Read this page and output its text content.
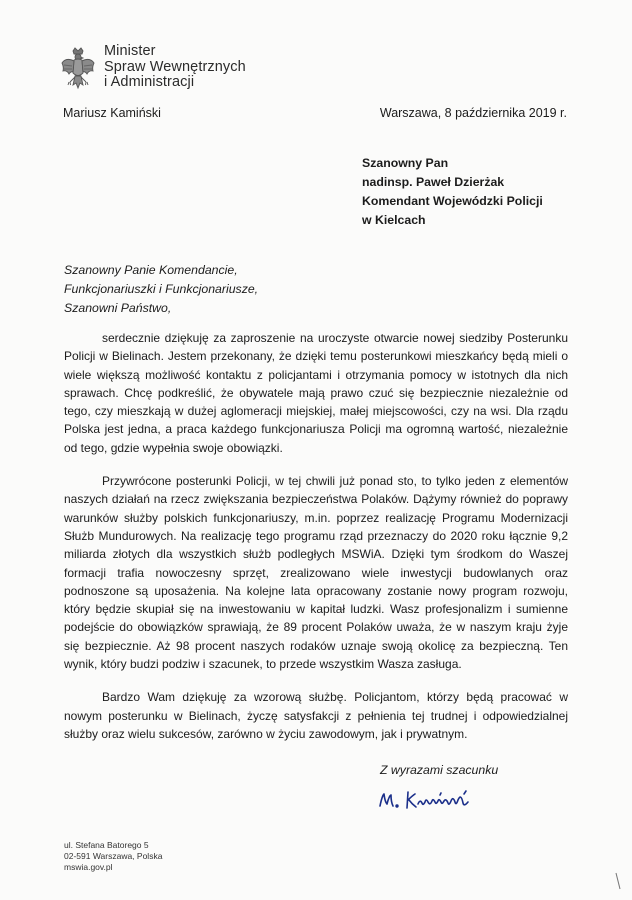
Minister
Spraw Wewnętrznych
i Administracji
Mariusz Kamiński	Warszawa, 8 października 2019 r.
Szanowny Pan
nadinsp. Paweł Dzierżak
Komendant Wojewódzki Policji
w Kielcach
Szanowny Panie Komendancie,
Funkcjonariuszki i Funkcjonariusze,
Szanowni Państwo,

serdecznie dziękuję za zaproszenie na uroczyste otwarcie nowej siedziby Posterunku Policji w Bielinach. Jestem przekonany, że dzięki temu posterunkowi mieszkańcy będą mieli o wiele większą możliwość kontaktu z policjantami i otrzymania pomocy w istotnych dla nich sprawach. Chcę podkreślić, że obywatele mają prawo czuć się bezpiecznie niezależnie od tego, czy mieszkają w dużej aglomeracji miejskiej, małej miejscowości, czy na wsi. Dla rządu Polska jest jedna, a praca każdego funkcjonariusza Policji ma ogromną wartość, niezależnie od tego, gdzie wypełnia swoje obowiązki.

Przywrócone posterunki Policji, w tej chwili już ponad sto, to tylko jeden z elementów naszych działań na rzecz zwiększania bezpieczeństwa Polaków. Dążymy również do poprawy warunków służby polskich funkcjonariuszy, m.in. poprzez realizację Programu Modernizacji Służb Mundurowych. Na realizację tego programu rząd przeznaczy do 2020 roku łącznie 9,2 miliarda złotych dla wszystkich służb podległych MSWiA. Dzięki tym środkom do Waszej formacji trafia nowoczesny sprzęt, zrealizowano wiele inwestycji budowlanych oraz podnoszone są uposażenia. Na kolejne lata opracowany zostanie nowy program rozwoju, który będzie skupiał się na inwestowaniu w kapitał ludzki. Wasz profesjonalizm i sumienne podejście do obowiązków sprawiają, że 89 procent Polaków uważa, że w naszym kraju żyje się bezpiecznie. Aż 98 procent naszych rodaków uznaje swoją okolicę za bezpieczną. Ten wynik, który budzi podziw i szacunek, to przede wszystkim Wasza zasługa.

Bardzo Wam dziękuję za wzorową służbę. Policjantom, którzy będą pracować w nowym posterunku w Bielinach, życzę satysfakcji z pełnienia tej trudnej i odpowiedzialnej służby oraz wielu sukcesów, zarówno w życiu zawodowym, jak i prywatnym.

Z wyrazami szacunku
ul. Stefana Batorego 5
02-591 Warszawa, Polska
mswia.gov.pl
